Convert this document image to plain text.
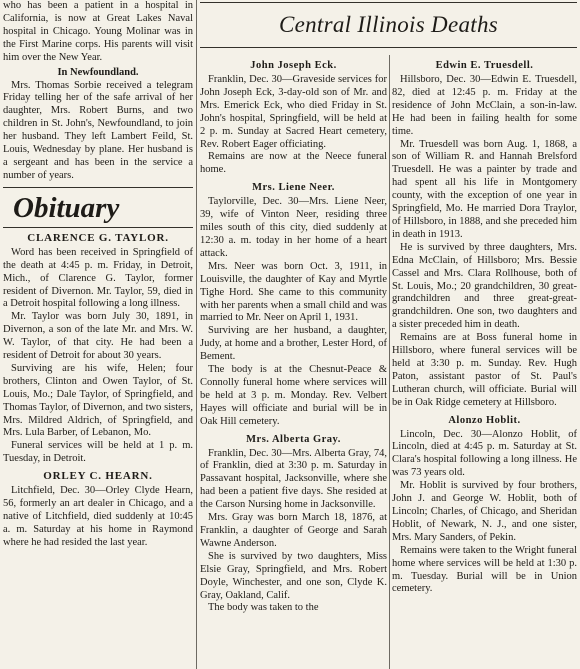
who has been a patient in a hospital in California, is now at Great Lakes Naval hospital in Chicago. Young Molinar was in the First Marine corps. His parents will visit him over the New Year.

In Newfoundland.

Mrs. Thomas Sorbie received a telegram Friday telling her of the safe arrival of her daughter, Mrs. Robert Burns, and two children in St. John's, Newfoundland, to join her husband. They left Lambert Feild, St. Louis, Wednesday by plane. Her husband is a sergeant and has been in the service a number of years.

Obituary
CLARENCE G. TAYLOR.

Word has been received in Springfield of the death at 4:45 p. m. Friday, in Detroit, Mich., of Clarence G. Taylor, former resident of Divernon. Mr. Taylor, 59, died in a Detroit hospital following a long illness.

Mr. Taylor was born July 30, 1891, in Divernon, a son of the late Mr. and Mrs. W. W. Taylor, of that city. He had been a resident of Detroit for about 30 years.

Surviving are his wife, Helen; four brothers, Clinton and Owen Taylor, of St. Louis, Mo.; Dale Taylor, of Springfield, and Thomas Taylor, of Divernon, and two sisters, Mrs. Mildred Aldrich, of Springfield, and Mrs. Lula Barber, of Lebanon, Mo.

Funeral services will be held at 1 p. m. Tuesday, in Detroit.

ORLEY C. HEARN.

Litchfield, Dec. 30—Orley Clyde Hearn, 56, formerly an art dealer in Chicago, and a native of Litchfield, died suddenly at 10:45 a. m. Saturday at his home in Raymond where he had resided the last year.

Central Illinois Deaths
John Joseph Eck.

Franklin, Dec. 30—Graveside services for John Joseph Eck, 3-day-old son of Mr. and Mrs. Emerick Eck, who died Friday in St. John's hospital, Springfield, will be held at 2 p. m. Sunday at Sacred Heart cemetery, Rev. Robert Eager officiating.

Remains are now at the Neece funeral home.

Mrs. Liene Neer.

Taylorville, Dec. 30—Mrs. Liene Neer, 39, wife of Vinton Neer, residing three miles south of this city, died suddenly at 12:30 a. m. today in her home of a heart attack.

Mrs. Neer was born Oct. 3, 1911, in Louisville, the daughter of Kay and Myrtle Tighe Hord. She came to this community with her parents when a small child and was married to Mr. Neer on April 1, 1931.

Surviving are her husband, a daughter, Judy, at home and a brother, Lester Hord, of Bement.

The body is at the Chesnut-Peace & Connolly funeral home where services will be held at 3 p. m. Monday. Rev. Velbert Hayes will officiate and burial will be in Oak Hill cemetery.

Mrs. Alberta Gray.

Franklin, Dec. 30—Mrs. Alberta Gray, 74, of Franklin, died at 3:30 p. m. Saturday in Passavant hospital, Jacksonville, where she had been a patient five days. She resided at the Carson Nursing home in Jacksonville.

Mrs. Gray was born March 18, 1876, at Franklin, a daughter of George and Sarah Wawne Anderson.

She is survived by two daughters, Miss Elsie Gray, Springfield, and Mrs. Robert Doyle, Winchester, and one son, Clyde K. Gray, Oakland, Calif.

The body was taken to the

Edwin E. Truesdell.

Hillsboro, Dec. 30—Edwin E. Truesdell, 82, died at 12:45 p. m. Friday at the residence of John McClain, a son-in-law. He had been in failing health for some time.

Mr. Truesdell was born Aug. 1, 1868, a son of William R. and Hannah Brelsford Truesdell. He was a painter by trade and had spent all his life in Montgomery county, with the exception of one year in Springfield, Mo. He married Dora Traylor, of Hillsboro, in 1888, and she preceded him in death in 1913.

He is survived by three daughters, Mrs. Edna McClain, of Hillsboro; Mrs. Bessie Cassel and Mrs. Clara Rollhouse, both of St. Louis, Mo.; 20 grandchildren, 30 great-grandchildren and three great-great-grandchildren. One son, two daughters and a sister preceded him in death.

Remains are at Boss funeral home in Hillsboro, where funeral services will be held at 3:30 p. m. Sunday. Rev. Hugh Paton, assistant pastor of St. Paul's Lutheran church, will officiate. Burial will be in Oak Ridge cemetery at Hillsboro.

Alonzo Hoblit.

Lincoln, Dec. 30—Alonzo Hoblit, of Lincoln, died at 4:45 p. m. Saturday at St. Clara's hospital following a long illness. He was 73 years old.

Mr. Hoblit is survived by four brothers, John J. and George W. Hoblit, both of Lincoln; Charles, of Chicago, and Sheridan Hoblit, of Newark, N. J., and one sister, Mrs. Mary Sanders, of Pekin.

Remains were taken to the Wright funeral home where services will be held at 1:30 p. m. Tuesday. Burial will be in Union cemetery.
